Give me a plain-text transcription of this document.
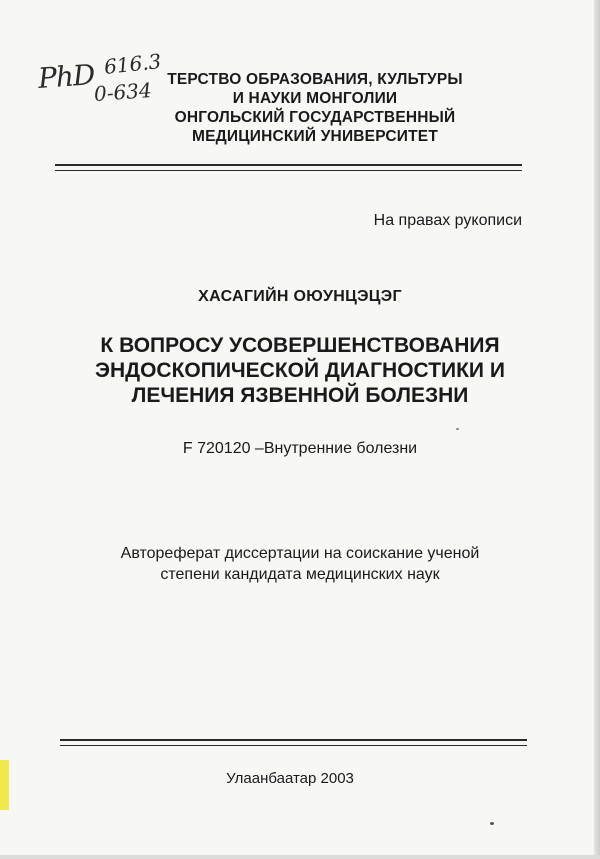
PhD 616.3
0-634 ТЕРСТВО ОБРАЗОВАНИЯ, КУЛЬТУРЫ
И НАУКИ МОНГОЛИИ
ОНГОЛЬСКИЙ ГОСУДАРСТВЕННЫЙ
МЕДИЦИНСКИЙ УНИВЕРСИТЕТ
На правах рукописи
ХАСАГИЙН ОЮУНЦЭЦЭГ
К ВОПРОСУ УСОВЕРШЕНСТВОВАНИЯ
ЭНДОСКОПИЧЕСКОЙ ДИАГНОСТИКИ И
ЛЕЧЕНИЯ ЯЗВЕННОЙ БОЛЕЗНИ
F 720120 –Внутренние болезни
Автореферат диссертации на соискание ученой
степени кандидата медицинских наук
Улаанбаатар 2003
